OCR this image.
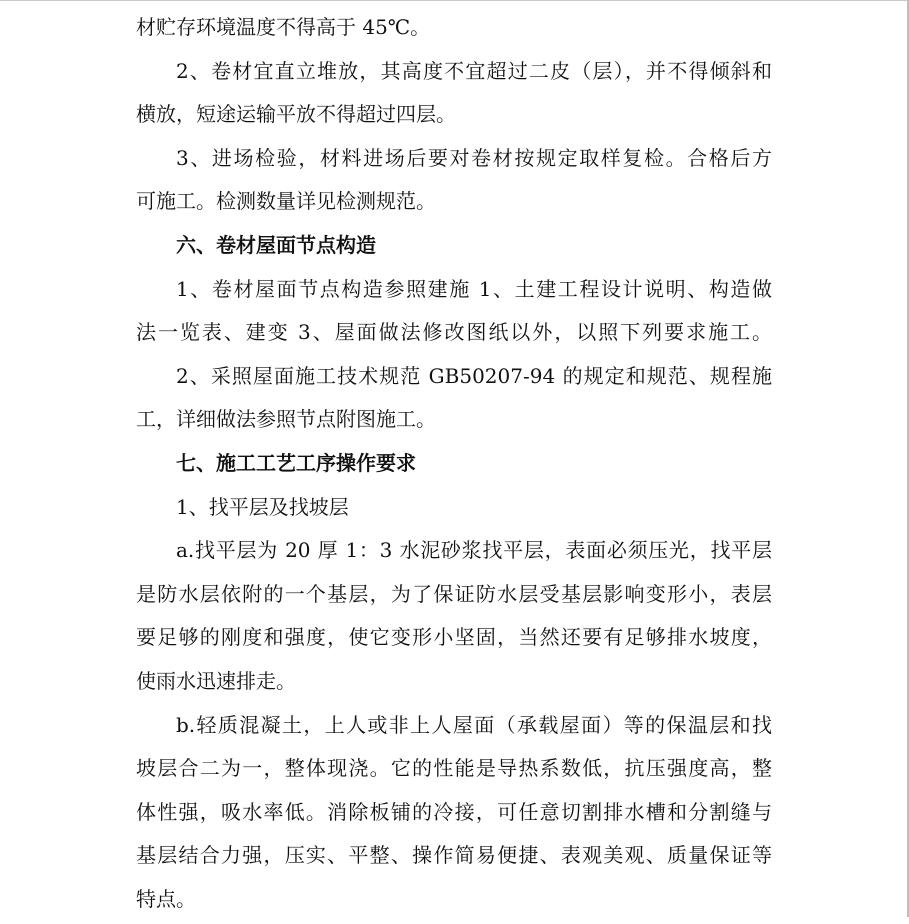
材贮存环境温度不得高于 45℃。
2、卷材宜直立堆放，其高度不宜超过二皮（层），并不得倾斜和
横放，短途运输平放不得超过四层。
3、进场检验，材料进场后要对卷材按规定取样复检。合格后方
可施工。检测数量详见检测规范。
六、卷材屋面节点构造
1、卷材屋面节点构造参照建施 1、土建工程设计说明、构造做
法一览表、建变 3、屋面做法修改图纸以外，以照下列要求施工。
2、采照屋面施工技术规范 GB50207-94 的规定和规范、规程施
工，详细做法参照节点附图施工。
七、施工工艺工序操作要求
1、找平层及找坡层
a.找平层为 20 厚 1：3 水泥砂浆找平层，表面必须压光，找平层
是防水层依附的一个基层，为了保证防水层受基层影响变形小，表层
要足够的刚度和强度，使它变形小坚固，当然还要有足够排水坡度，
使雨水迅速排走。
b.轻质混凝土，上人或非上人屋面（承载屋面）等的保温层和找
坡层合二为一，整体现浇。它的性能是导热系数低，抗压强度高，整
体性强，吸水率低。消除板铺的冷接，可任意切割排水槽和分割缝与
基层结合力强，压实、平整、操作简易便捷、表观美观、质量保证等
特点。
